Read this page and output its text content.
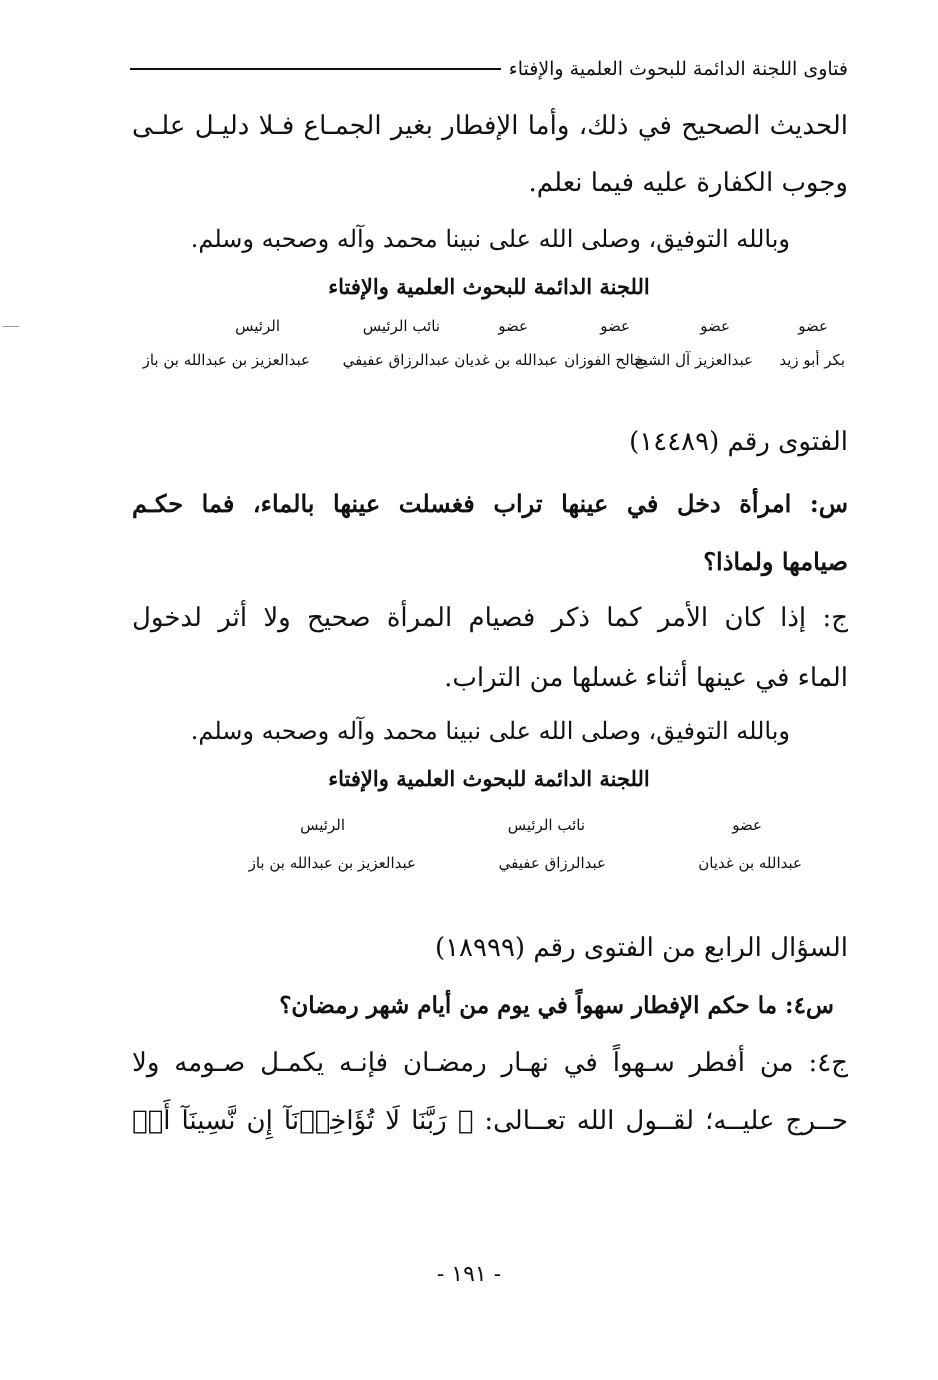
فتاوى اللجنة الدائمة للبحوث العلمية والإفتاء
الحديث الصحيح في ذلك، وأما الإفطار بغير الجمـاع فـلا دليـل علـى
وجوب الكفارة عليه فيما نعلم.
وبالله التوفيق، وصلى الله على نبينا محمد وآله وصحبه وسلم.
اللجنة الدائمة للبحوث العلمية والإفتاء
عضو
عضو
عضو
عضو
نائب الرئيس
الرئيس
بكر أبو زيد
عبدالعزيز آل الشيخ
صالح الفوزان
عبدالله بن غديان
عبدالرزاق عفيفي
عبدالعزيز بن عبدالله بن باز
الفتوى رقم (١٤٤٨٩)
س: امرأة دخل في عينها تراب فغسلت عينها بالماء، فما حكـم
صيامها ولماذا؟
ج: إذا كان الأمر كما ذكر فصيام المرأة صحيح ولا أثر لدخول
الماء في عينها أثناء غسلها من التراب.
وبالله التوفيق، وصلى الله على نبينا محمد وآله وصحبه وسلم.
اللجنة الدائمة للبحوث العلمية والإفتاء
عضو
نائب الرئيس
الرئيس
عبدالله بن غديان
عبدالرزاق عفيفي
عبدالعزيز بن عبدالله بن باز
السؤال الرابع من الفتوى رقم (١٨٩٩٩)
س٤: ما حكم الإفطار سهواً في يوم من أيام شهر رمضان؟
ج٤: من أفطر سـهواً في نهـار رمضـان فإنـه يكمـل صـومه ولا
حــرج عليــه؛ لقــول الله تعــالى: ﴿ رَبَّنَا لَا تُؤَاخِذۡنَآ إِن نَّسِينَآ أَوۡ
- ١٩١ -
